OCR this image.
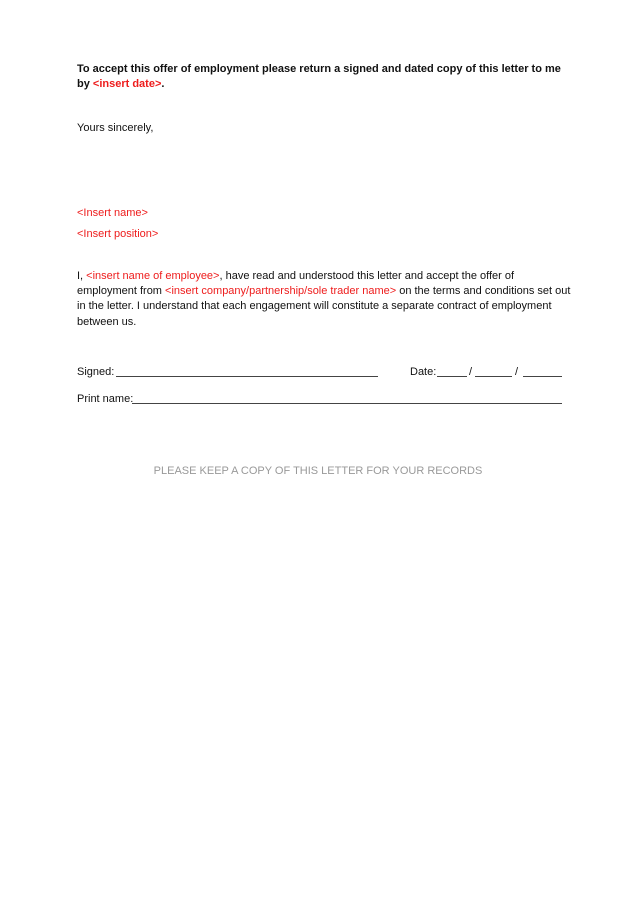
To accept this offer of employment please return a signed and dated copy of this letter to me
by <insert date>.
Yours sincerely,
<Insert name>
<Insert position>
I, <insert name of employee>, have read and understood this letter and accept the offer of
employment from <insert company/partnership/sole trader name> on the terms and conditions set out
in the letter. I understand that each engagement will constitute a separate contract of employment
between us.
Signed:	Date:	/	/
Print name:
PLEASE KEEP A COPY OF THIS LETTER FOR YOUR RECORDS
